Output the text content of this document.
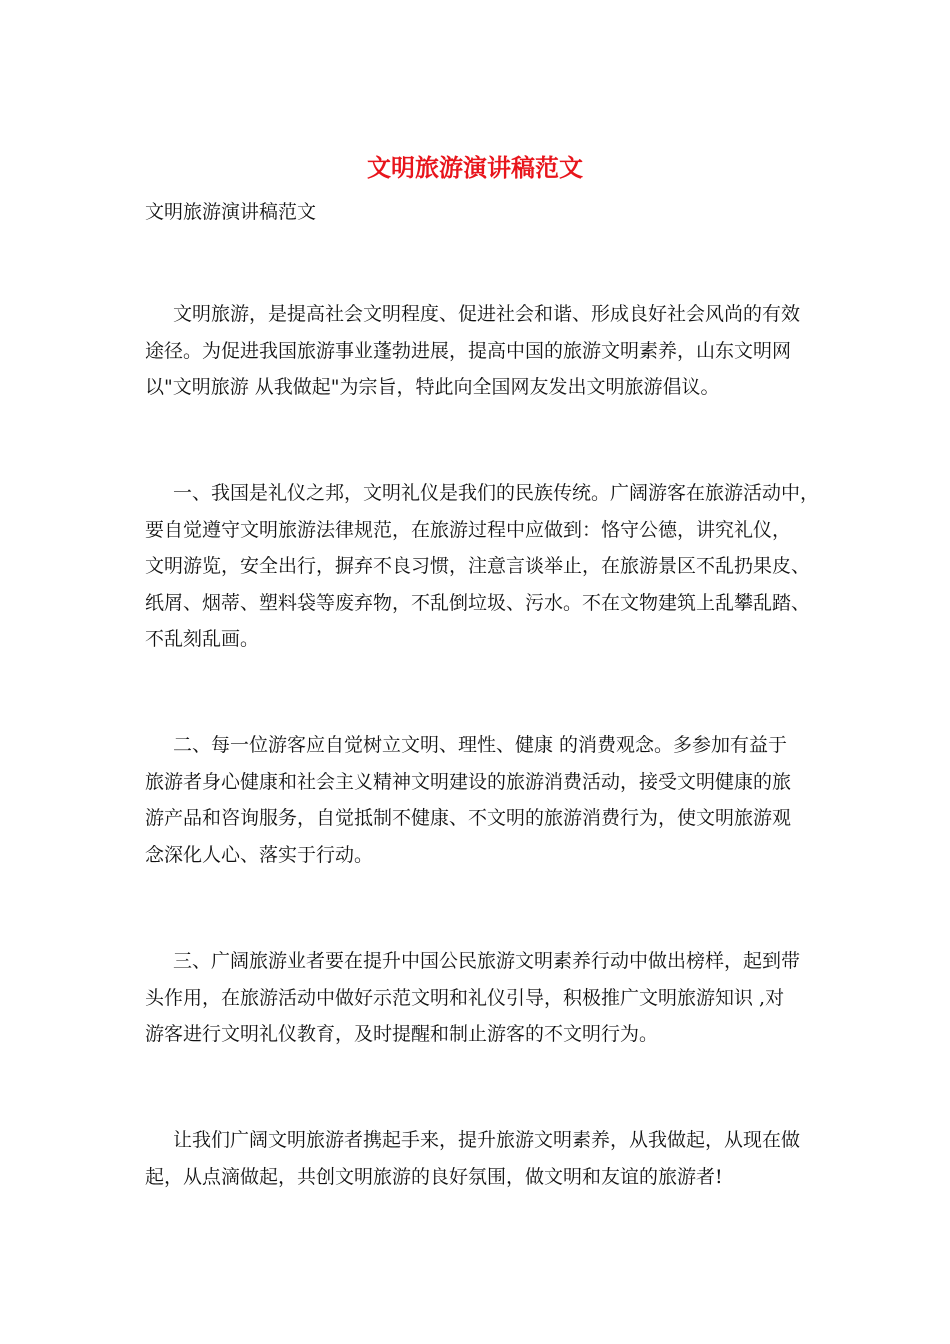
文明旅游演讲稿范文
文明旅游演讲稿范文
文明旅游，是提高社会文明程度、促进社会和谐、形成良好社会风尚的有效
途径。为促进我国旅游事业蓬勃进展，提高中国的旅游文明素养，山东文明网
以"文明旅游 从我做起"为宗旨，特此向全国网友发出文明旅游倡议。
一、我国是礼仪之邦，文明礼仪是我们的民族传统。广阔游客在旅游活动中，
要自觉遵守文明旅游法律规范，在旅游过程中应做到：恪守公德，讲究礼仪，
文明游览，安全出行，摒弃不良习惯，注意言谈举止，在旅游景区不乱扔果皮、
纸屑、烟蒂、塑料袋等废弃物，不乱倒垃圾、污水。不在文物建筑上乱攀乱踏、
不乱刻乱画。
二、每一位游客应自觉树立文明、理性、健康 的消费观念。多参加有益于
旅游者身心健康和社会主义精神文明建设的旅游消费活动，接受文明健康的旅
游产品和咨询服务，自觉抵制不健康、不文明的旅游消费行为，使文明旅游观
念深化人心、落实于行动。
三、广阔旅游业者要在提升中国公民旅游文明素养行动中做出榜样，起到带
头作用，在旅游活动中做好示范文明和礼仪引导，积极推广文明旅游知识 ,对
游客进行文明礼仪教育，及时提醒和制止游客的不文明行为。
让我们广阔文明旅游者携起手来，提升旅游文明素养，从我做起，从现在做
起，从点滴做起，共创文明旅游的良好氛围，做文明和友谊的旅游者!
